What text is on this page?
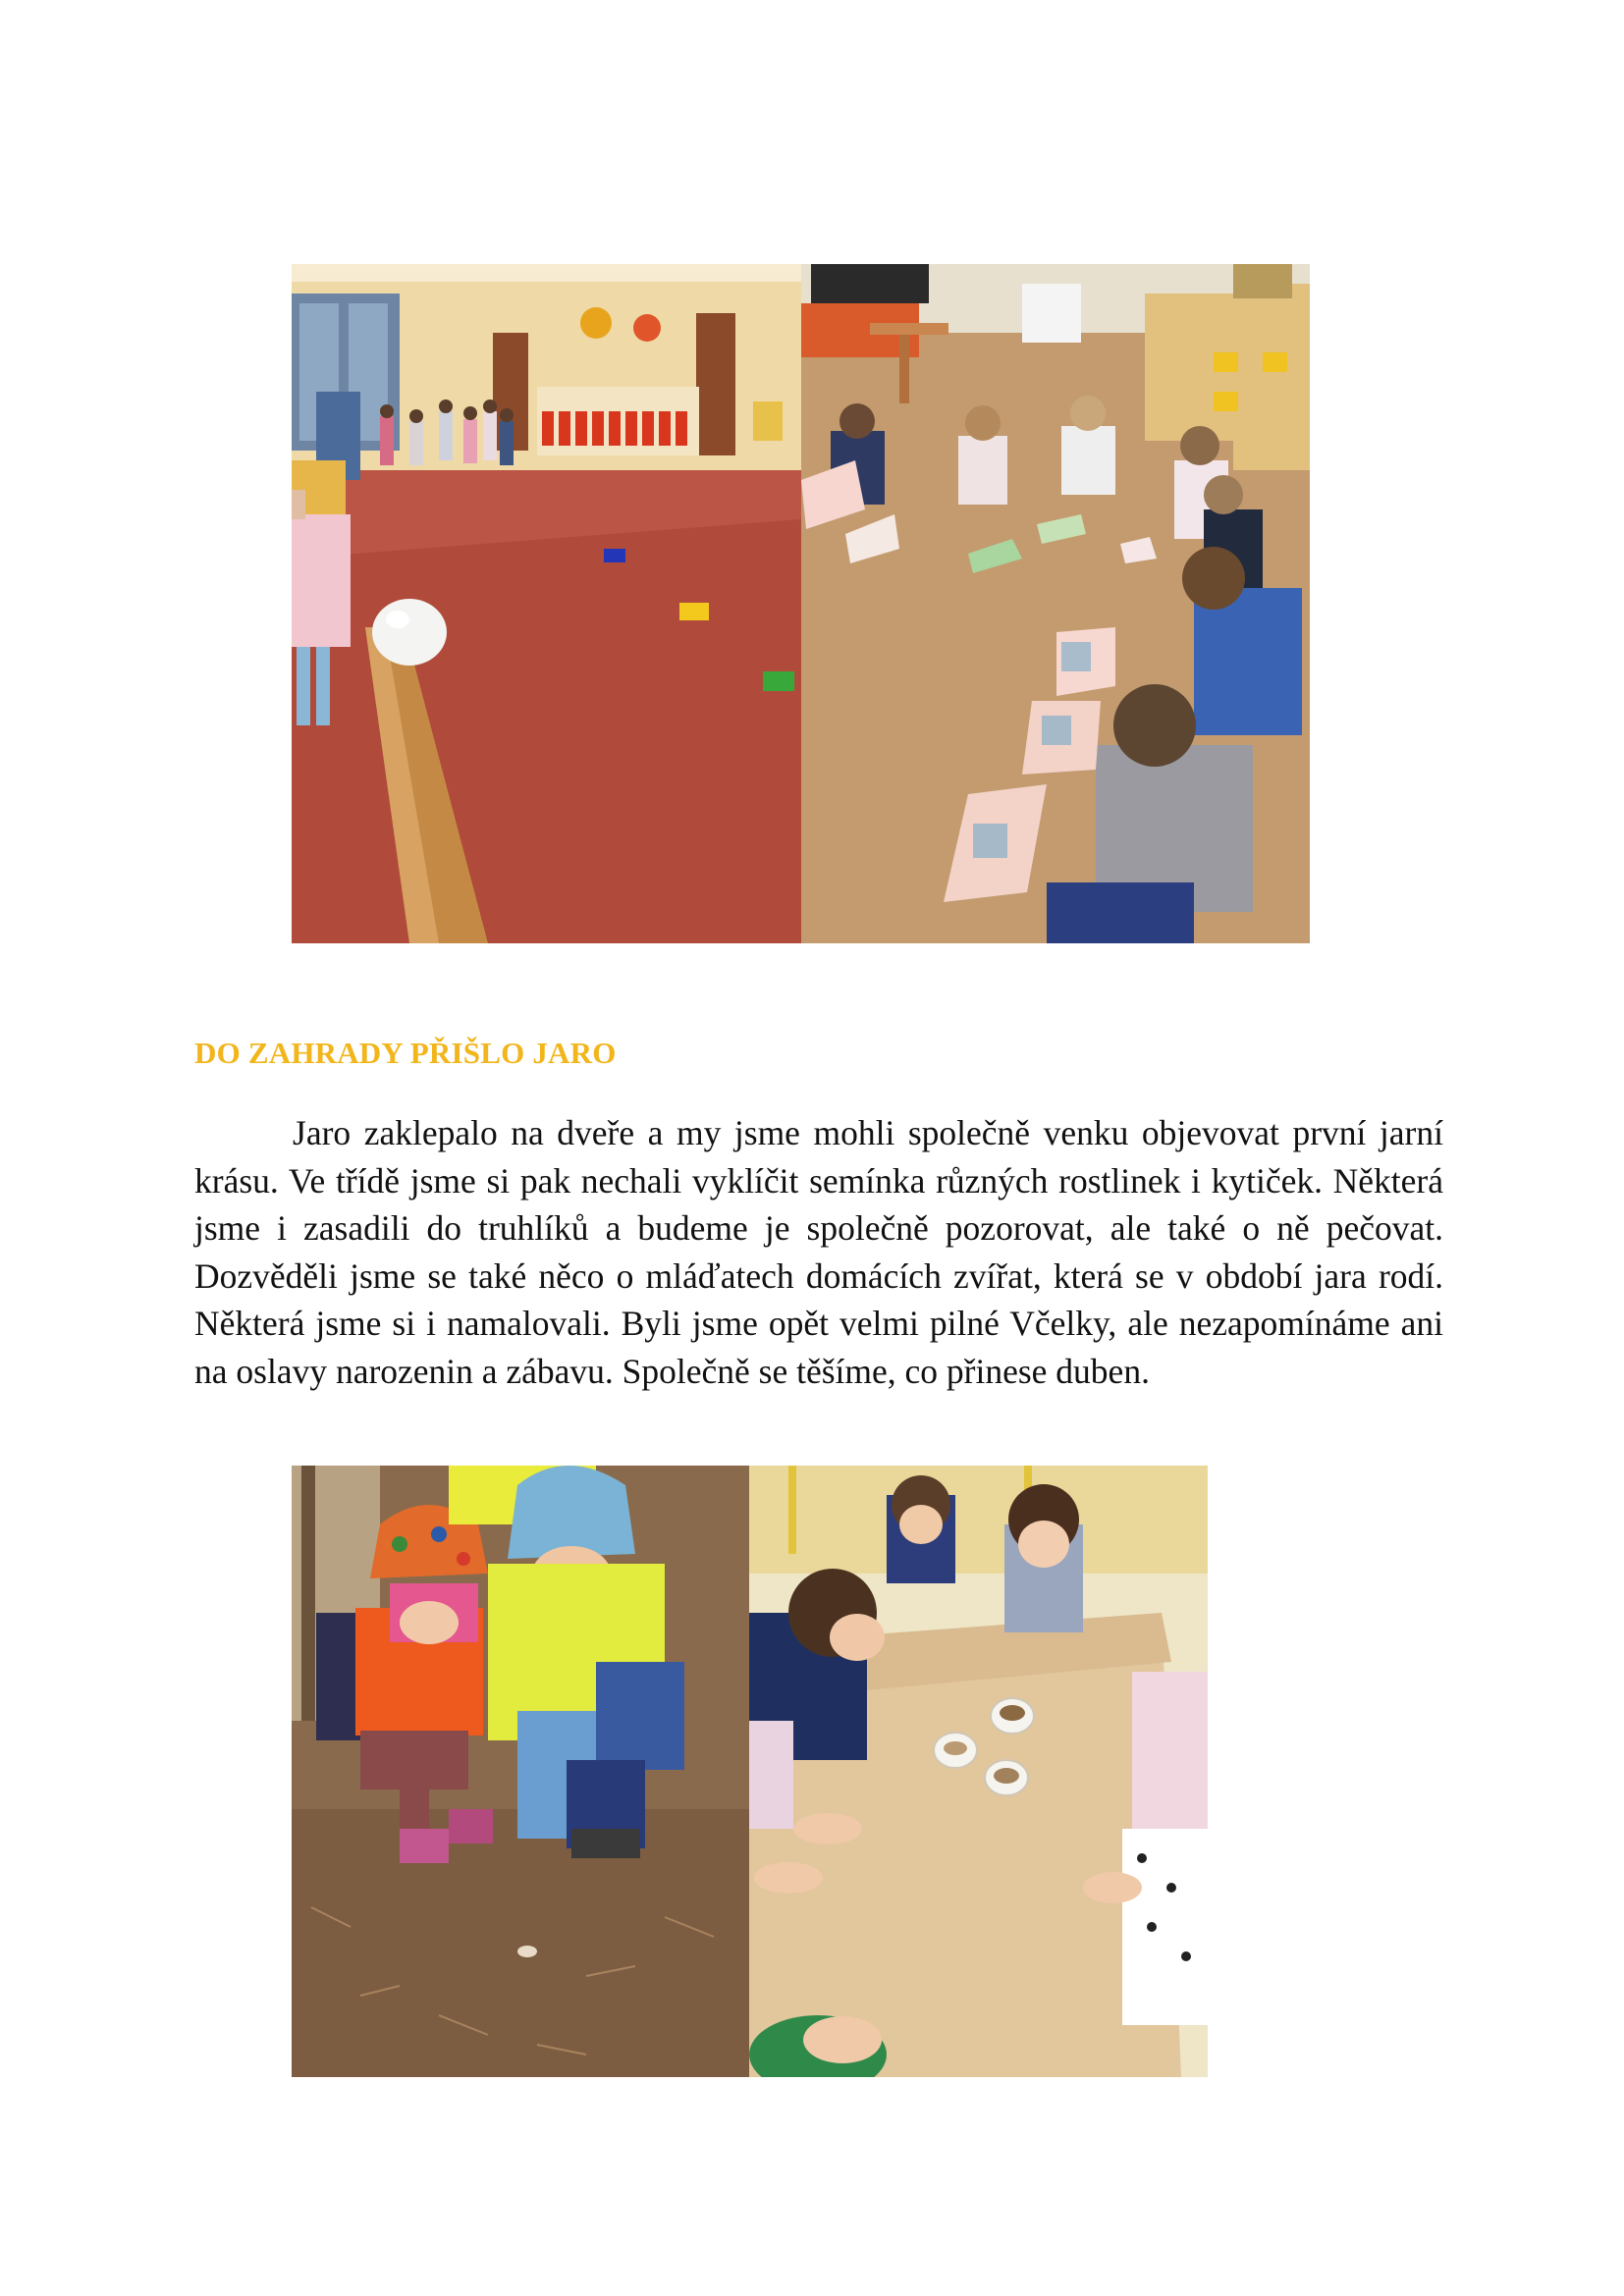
DO ZAHRADY PŘIŠLO JARO

Jaro zaklepalo na dveře a my jsme mohli společně venku objevovat první jarní krásu. Ve třídě jsme si pak nechali vyklíčit semínka různých rostlinek i kytiček. Některá jsme i zasadili do truhlíků a budeme je společně pozorovat, ale také o ně pečovat. Dozvěděli jsme se také něco o mláďatech domácích zvířat, která se v období jara rodí. Některá jsme si i namalovali. Byli jsme opět velmi pilné Včelky, ale nezapomínáme ani na oslavy narozenin a zábavu. Společně se těšíme, co přinese duben.
